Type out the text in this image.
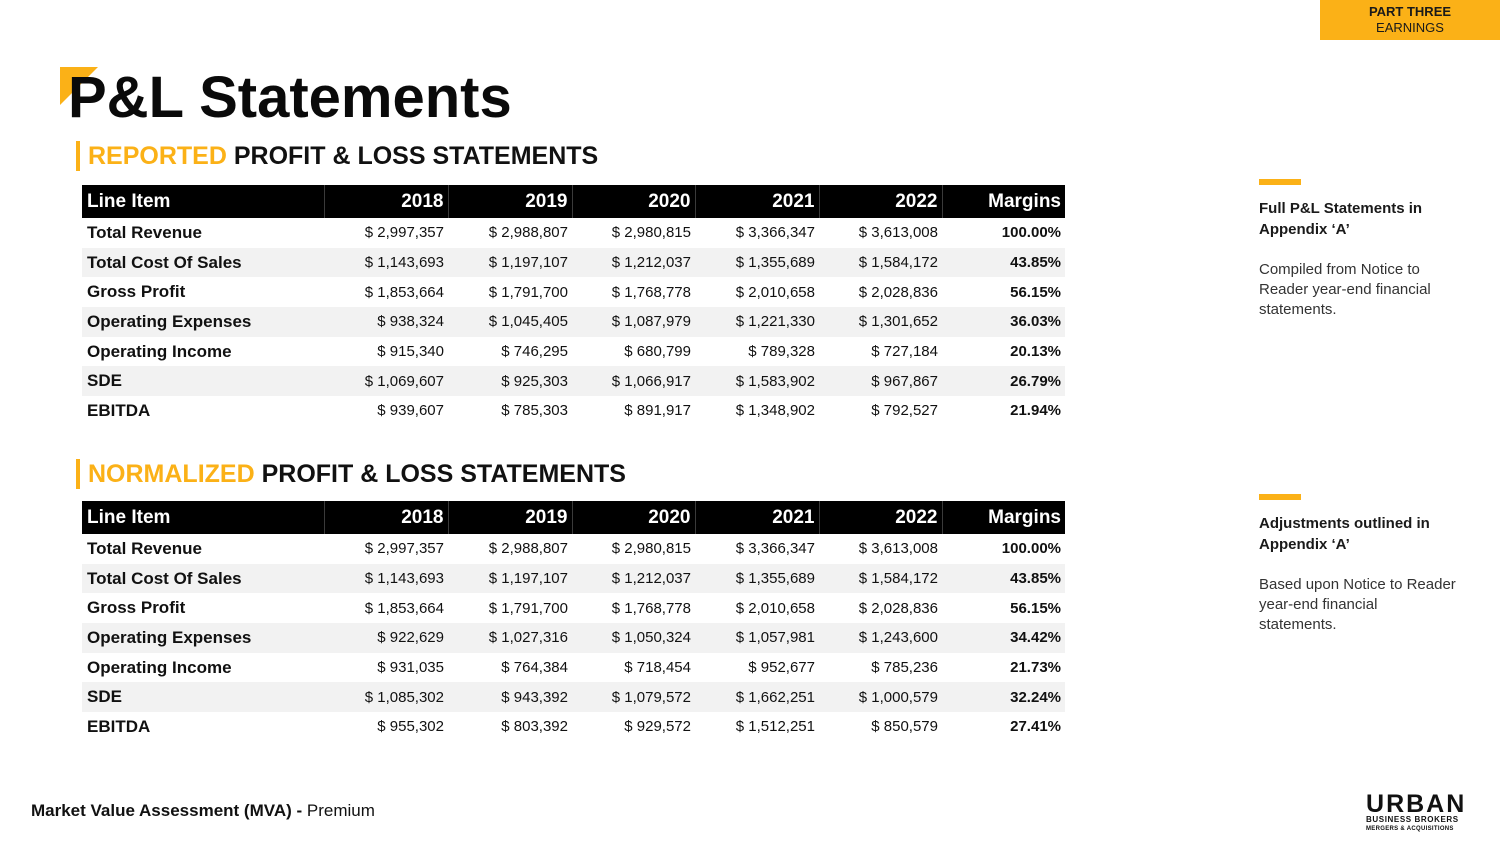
PART THREE
EARNINGS
P&L Statements
REPORTED PROFIT & LOSS STATEMENTS
Line Item	2018	2019	2020	2021	2022	Margins
Total Revenue	$ 2,997,357	$ 2,988,807	$ 2,980,815	$ 3,366,347	$ 3,613,008	100.00%
Total Cost Of Sales	$ 1,143,693	$ 1,197,107	$ 1,212,037	$ 1,355,689	$ 1,584,172	43.85%
Gross Profit	$ 1,853,664	$ 1,791,700	$ 1,768,778	$ 2,010,658	$ 2,028,836	56.15%
Operating Expenses	$ 938,324	$ 1,045,405	$ 1,087,979	$ 1,221,330	$ 1,301,652	36.03%
Operating Income	$ 915,340	$ 746,295	$ 680,799	$ 789,328	$ 727,184	20.13%
SDE	$ 1,069,607	$ 925,303	$ 1,066,917	$ 1,583,902	$ 967,867	26.79%
EBITDA	$ 939,607	$ 785,303	$ 891,917	$ 1,348,902	$ 792,527	21.94%
NORMALIZED PROFIT & LOSS STATEMENTS
Line Item	2018	2019	2020	2021	2022	Margins
Total Revenue	$ 2,997,357	$ 2,988,807	$ 2,980,815	$ 3,366,347	$ 3,613,008	100.00%
Total Cost Of Sales	$ 1,143,693	$ 1,197,107	$ 1,212,037	$ 1,355,689	$ 1,584,172	43.85%
Gross Profit	$ 1,853,664	$ 1,791,700	$ 1,768,778	$ 2,010,658	$ 2,028,836	56.15%
Operating Expenses	$ 922,629	$ 1,027,316	$ 1,050,324	$ 1,057,981	$ 1,243,600	34.42%
Operating Income	$ 931,035	$ 764,384	$ 718,454	$ 952,677	$ 785,236	21.73%
SDE	$ 1,085,302	$ 943,392	$ 1,079,572	$ 1,662,251	$ 1,000,579	32.24%
EBITDA	$ 955,302	$ 803,392	$ 929,572	$ 1,512,251	$ 850,579	27.41%
Full P&L Statements in Appendix ‘A’
Compiled from Notice to Reader year-end financial statements.
Adjustments outlined in Appendix ‘A’
Based upon Notice to Reader year-end financial statements.
Market Value Assessment (MVA) - Premium	URBAN
BUSINESS BROKERS
MERGERS & ACQUISITIONS
